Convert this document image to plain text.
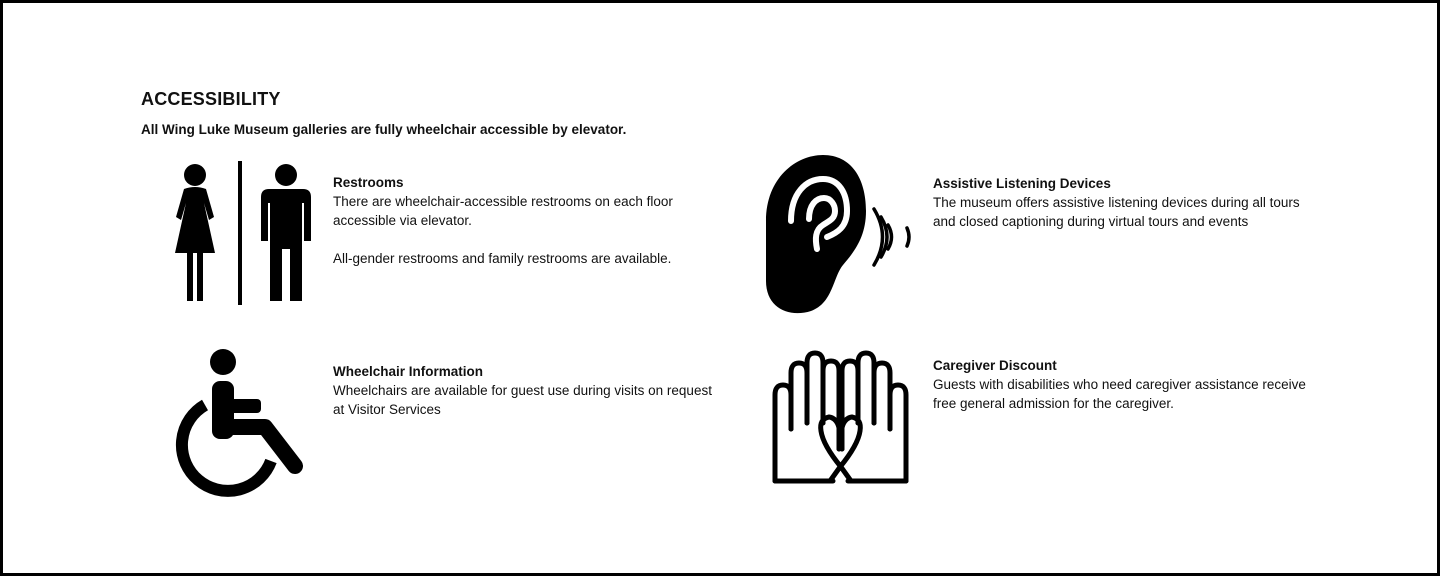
ACCESSIBILITY

All Wing Luke Museum galleries are fully wheelchair accessible by elevator.

Restrooms

There are wheelchair-accessible restrooms on each floor accessible via elevator.

All-gender restrooms and family restrooms are available.

Assistive Listening Devices

The museum offers assistive listening devices during all tours and closed captioning during virtual tours and events

Wheelchair Information

Wheelchairs are available for guest use during visits on request at Visitor Services

Caregiver Discount

Guests with disabilities who need caregiver assistance receive free general admission for the caregiver.
